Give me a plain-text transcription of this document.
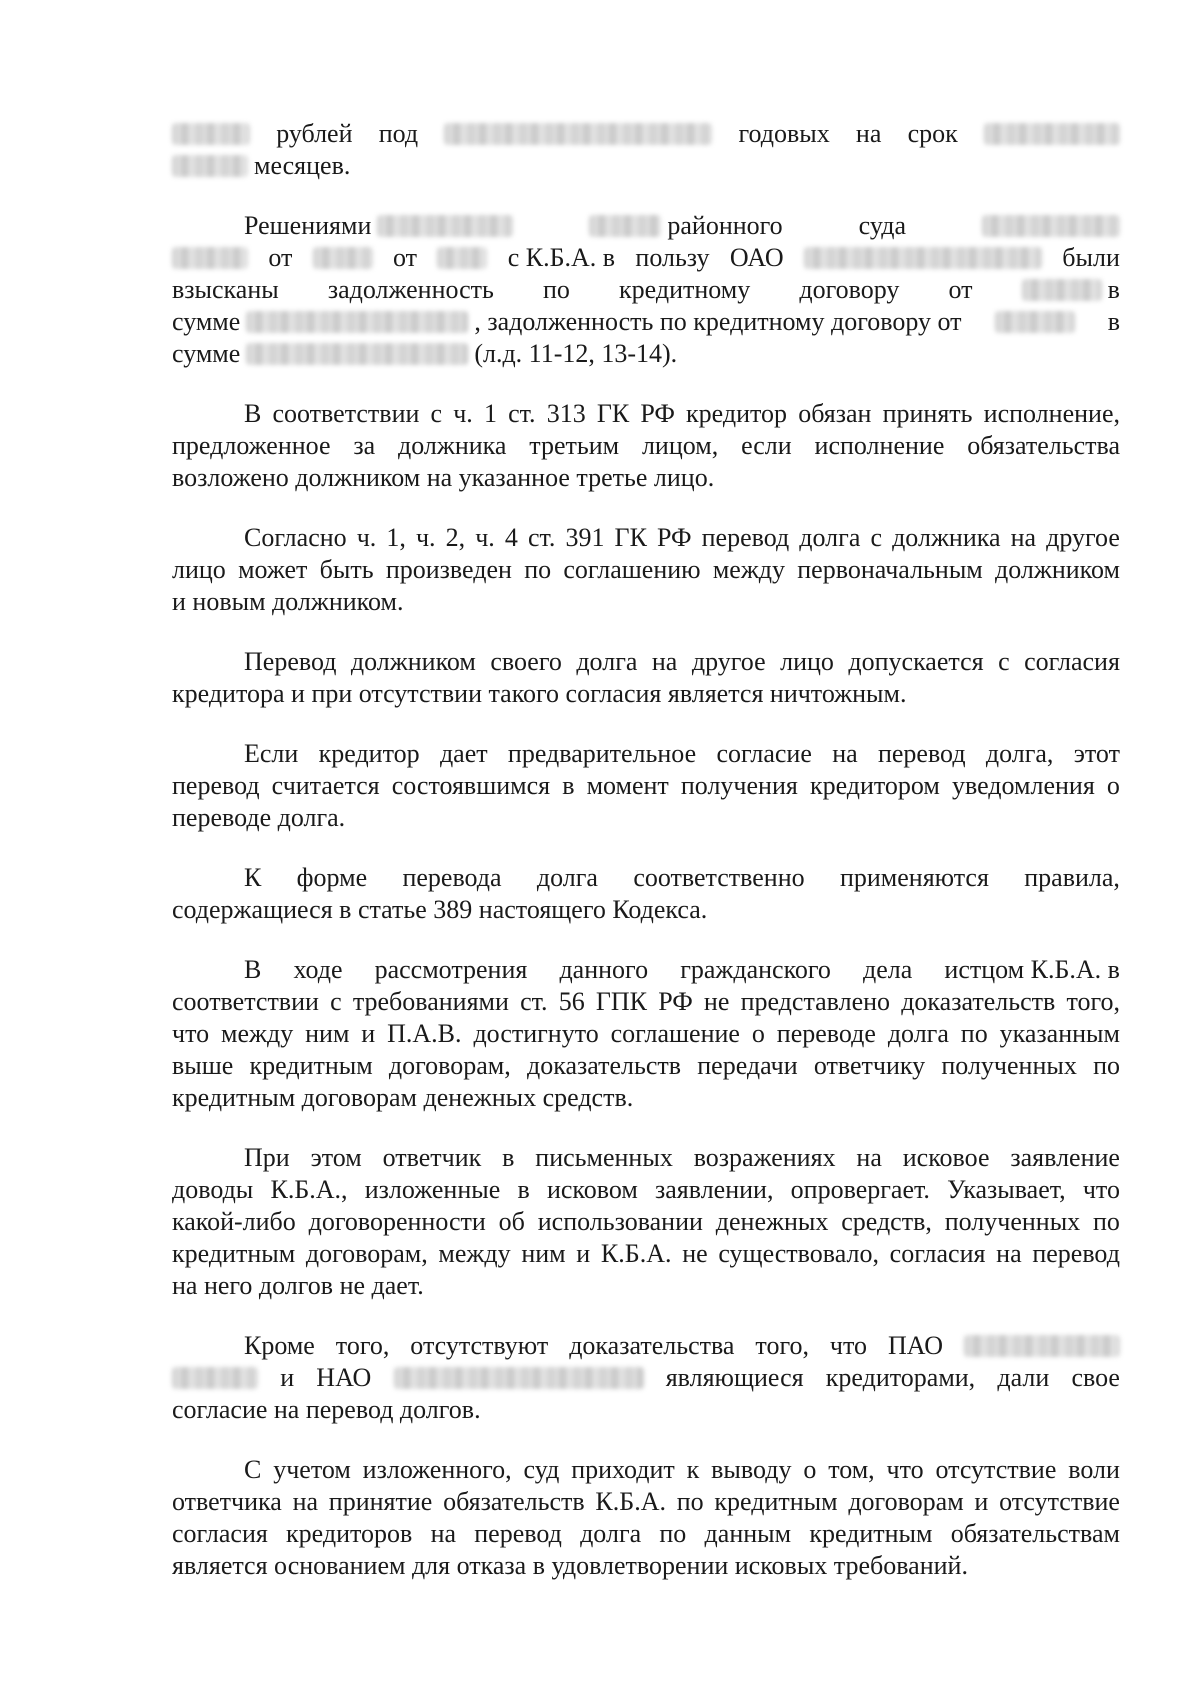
рублей под	годовых на срок
месяцев.
Решениями	районного	суда
от	от	с К.Б.А. в пользу ОАО	были
взысканы задолженность по кредитному договору от	в
сумме	, задолженность по кредитному договору от	в
сумме	(л.д. 11-12, 13-14).
В соответствии с ч. 1 ст. 313 ГК РФ кредитор обязан принять исполнение,
предложенное за должника третьим лицом, если исполнение обязательства
возложено должником на указанное третье лицо.
Согласно ч. 1, ч. 2, ч. 4 ст. 391 ГК РФ перевод долга с должника на другое
лицо может быть произведен по соглашению между первоначальным должником
и новым должником.
Перевод должником своего долга на другое лицо допускается с согласия
кредитора и при отсутствии такого согласия является ничтожным.
Если кредитор дает предварительное согласие на перевод долга, этот
перевод считается состоявшимся в момент получения кредитором уведомления о
переводе долга.
К форме перевода долга соответственно применяются правила,
содержащиеся в статье 389 настоящего Кодекса.
В ходе рассмотрения данного гражданского дела истцом К.Б.А. в
соответствии с требованиями ст. 56 ГПК РФ не представлено доказательств того,
что между ним и П.А.В. достигнуто соглашение о переводе долга по указанным
выше кредитным договорам, доказательств передачи ответчику полученных по
кредитным договорам денежных средств.
При этом ответчик в письменных возражениях на исковое заявление
доводы К.Б.А., изложенные в исковом заявлении, опровергает. Указывает, что
какой-либо договоренности об использовании денежных средств, полученных по
кредитным договорам, между ним и К.Б.А. не существовало, согласия на перевод
на него долгов не дает.
Кроме того, отсутствуют доказательства того, что ПАО
и НАО	являющиеся кредиторами, дали свое
согласие на перевод долгов.
С учетом изложенного, суд приходит к выводу о том, что отсутствие воли
ответчика на принятие обязательств К.Б.А. по кредитным договорам и отсутствие
согласия кредиторов на перевод долга по данным кредитным обязательствам
является основанием для отказа в удовлетворении исковых требований.
